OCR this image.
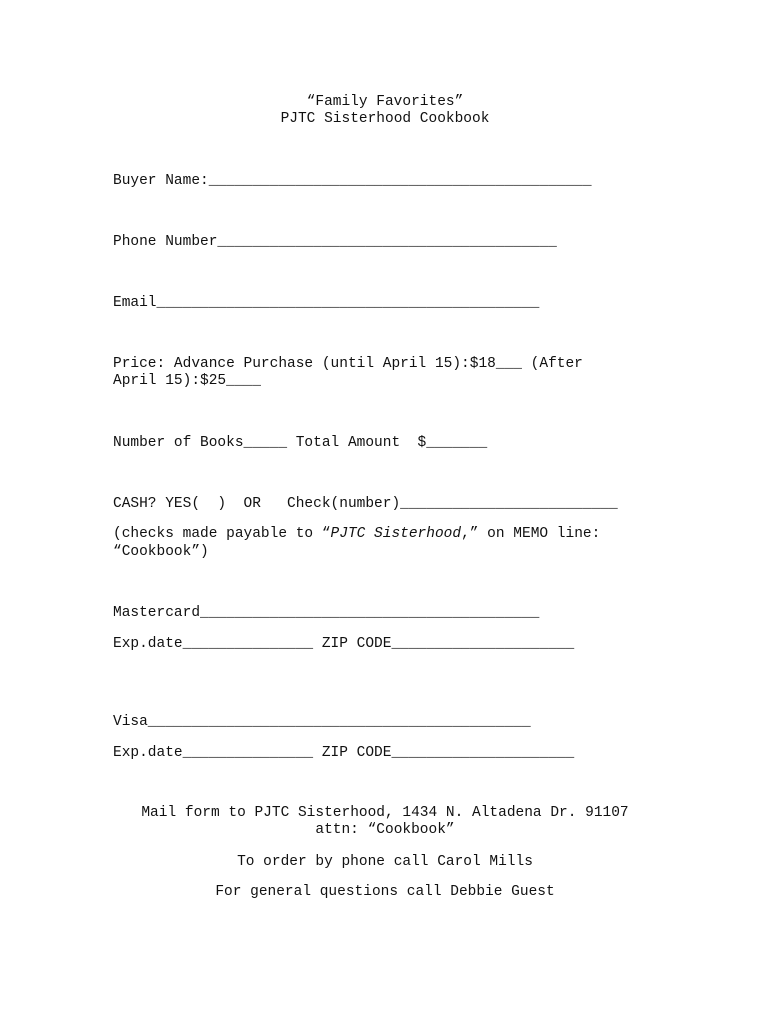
“Family Favorites”
PJTC Sisterhood Cookbook
Buyer Name:____________________________________________
Phone Number_______________________________________
Email____________________________________________
Price: Advance Purchase (until April 15):$18___ (After
April 15):$25____
Number of Books_____ Total Amount  $_______
CASH? YES(  )  OR   Check(number)_________________________
(checks made payable to “PJTC Sisterhood,” on MEMO line:
“Cookbook”)
Mastercard_______________________________________
Exp.date_______________ ZIP CODE_____________________
Visa____________________________________________
Exp.date_______________ ZIP CODE_____________________
Mail form to PJTC Sisterhood, 1434 N. Altadena Dr. 91107
attn: “Cookbook”
To order by phone call Carol Mills
For general questions call Debbie Guest
